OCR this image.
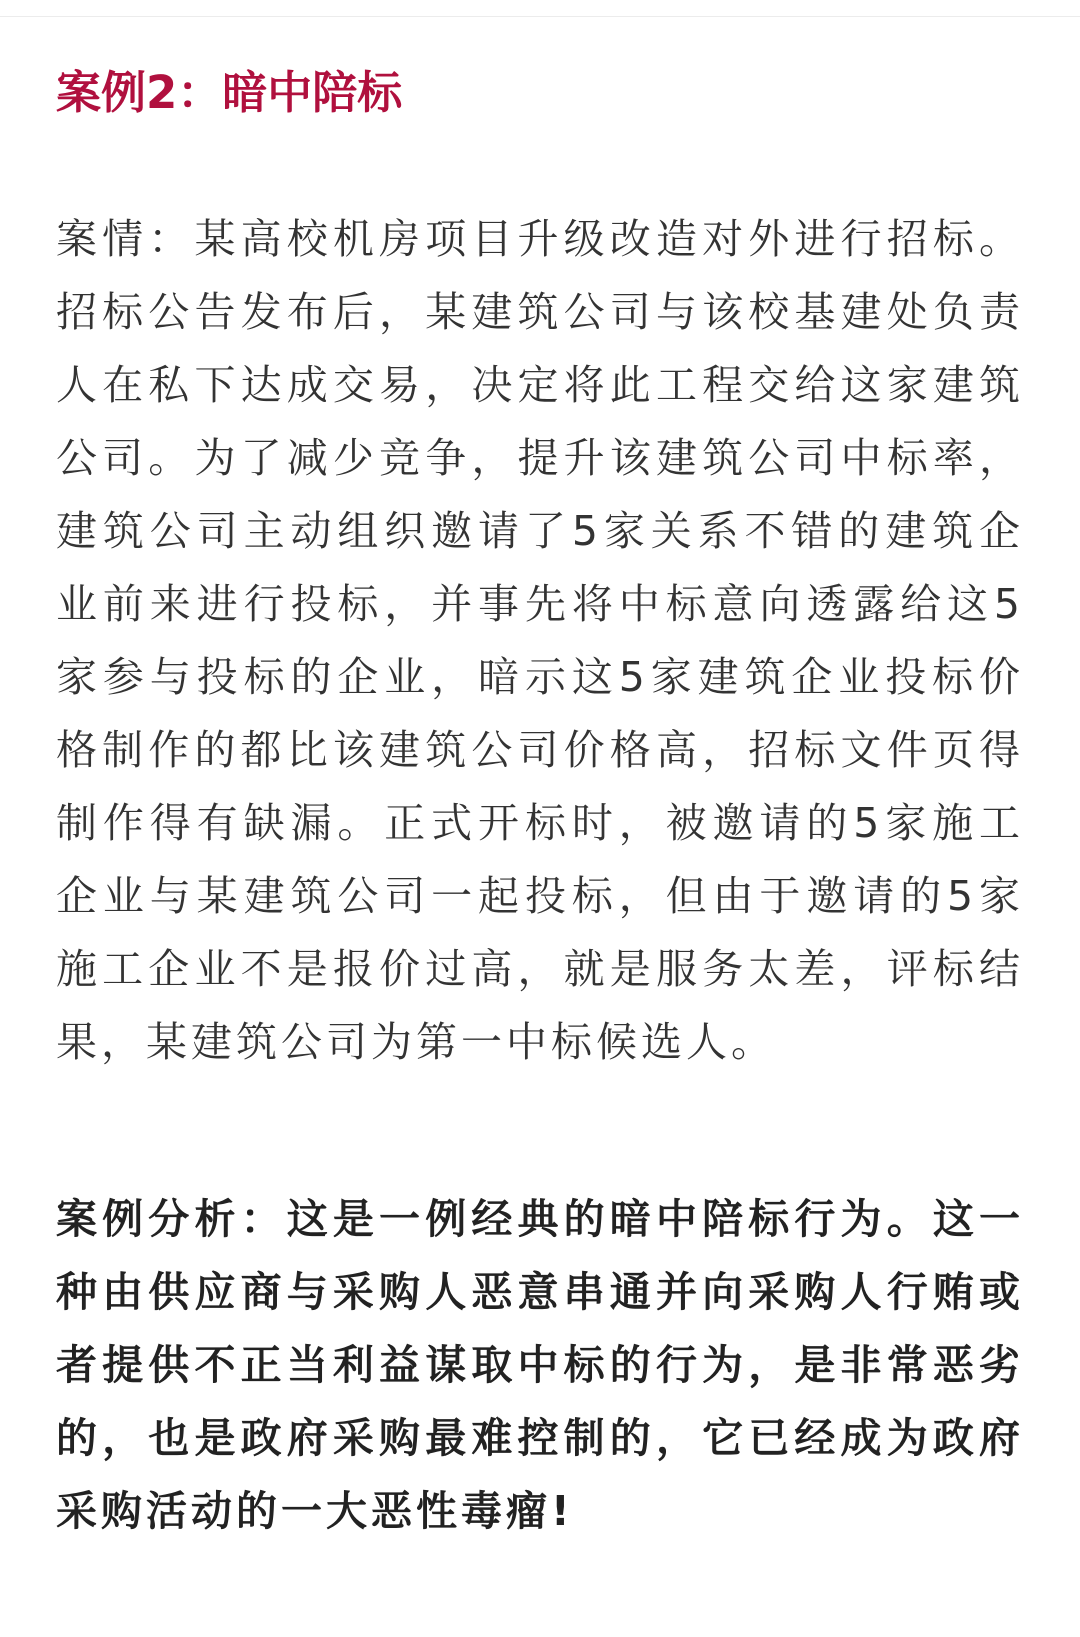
案例2：暗中陪标

案情：某高校机房项目升级改造对外进行招标。招标公告发布后，某建筑公司与该校基建处负责人在私下达成交易，决定将此工程交给这家建筑公司。为了减少竞争，提升该建筑公司中标率，建筑公司主动组织邀请了5家关系不错的建筑企业前来进行投标，并事先将中标意向透露给这5家参与投标的企业，暗示这5家建筑企业投标价格制作的都比该建筑公司价格高，招标文件页得制作得有缺漏。正式开标时，被邀请的5家施工企业与某建筑公司一起投标，但由于邀请的5家施工企业不是报价过高，就是服务太差，评标结果，某建筑公司为第一中标候选人。

案例分析：这是一例经典的暗中陪标行为。这一种由供应商与采购人恶意串通并向采购人行贿或者提供不正当利益谋取中标的行为，是非常恶劣的，也是政府采购最难控制的，它已经成为政府采购活动的一大恶性毒瘤!
